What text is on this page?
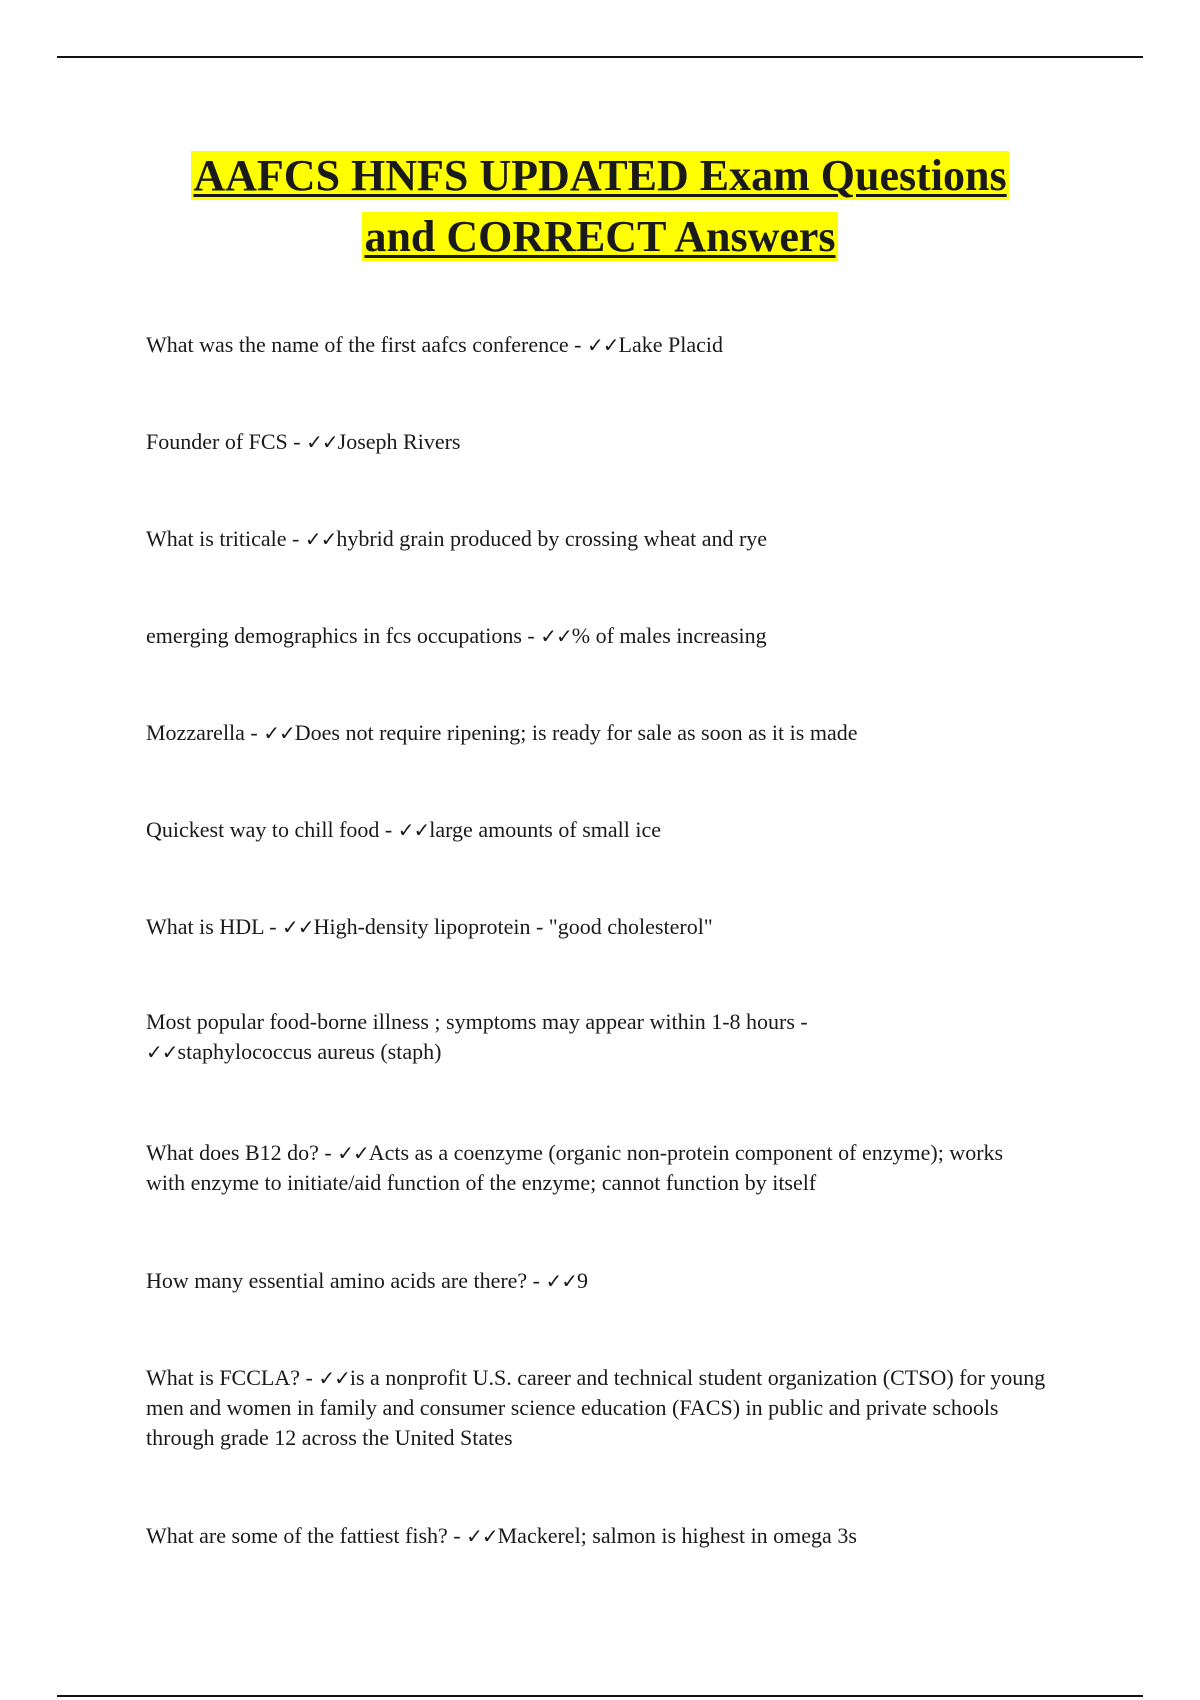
AAFCS HNFS UPDATED Exam Questions
and CORRECT Answers

What was the name of the first aafcs conference - ✓✓Lake Placid

Founder of FCS - ✓✓Joseph Rivers

What is triticale - ✓✓hybrid grain produced by crossing wheat and rye

emerging demographics in fcs occupations - ✓✓% of males increasing

Mozzarella - ✓✓Does not require ripening; is ready for sale as soon as it is made

Quickest way to chill food - ✓✓large amounts of small ice

What is HDL - ✓✓High-density lipoprotein - "good cholesterol"

Most popular food-borne illness ; symptoms may appear within 1-8 hours -
✓✓staphylococcus aureus (staph)

What does B12 do? - ✓✓Acts as a coenzyme (organic non-protein component of enzyme); works with enzyme to initiate/aid function of the enzyme; cannot function by itself

How many essential amino acids are there? - ✓✓9

What is FCCLA? - ✓✓is a nonprofit U.S. career and technical student organization (CTSO) for young men and women in family and consumer science education (FACS) in public and private schools through grade 12 across the United States

What are some of the fattiest fish? - ✓✓Mackerel; salmon is highest in omega 3s
